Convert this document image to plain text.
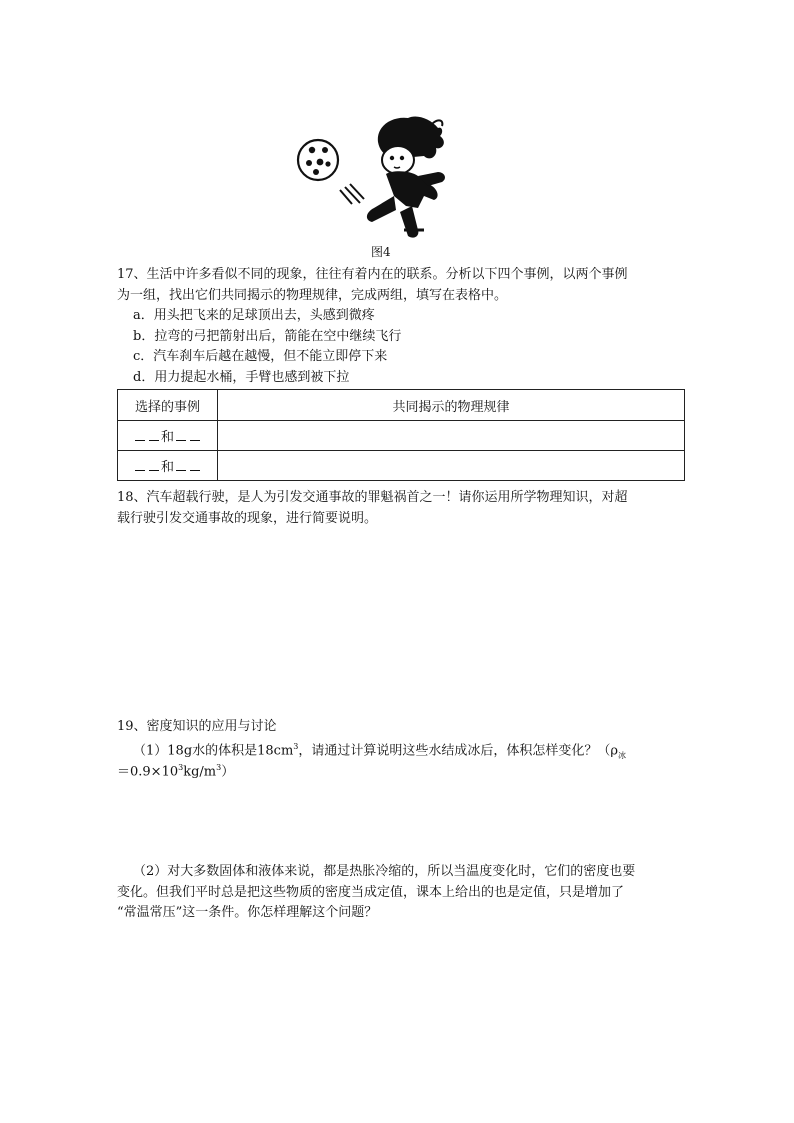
图4
17、生活中许多看似不同的现象，往往有着内在的联系。分析以下四个事例，以两个事例
为一组，找出它们共同揭示的物理规律，完成两组，填写在表格中。
a．用头把飞来的足球顶出去，头感到微疼
b．拉弯的弓把箭射出后，箭能在空中继续飞行
c．汽车刹车后越在越慢，但不能立即停下来
d．用力提起水桶，手臂也感到被下拉
选择的事例	共同揭示的物理规律
和	
和	
18、汽车超载行驶，是人为引发交通事故的罪魁祸首之一！请你运用所学物理知识，对超
载行驶引发交通事故的现象，进行简要说明。
19、密度知识的应用与讨论
（1）18g水的体积是$18cm^3$，请通过计算说明这些水结成冰后，体积怎样变化？（$\rho_冰$
$=0.9\times 10^3kg/m^3$）
（2）对大多数固体和液体来说，都是热胀冷缩的，所以当温度变化时，它们的密度也要
变化。但我们平时总是把这些物质的密度当成定值，课本上给出的也是定值，只是增加了
“常温常压”这一条件。你怎样理解这个问题？
